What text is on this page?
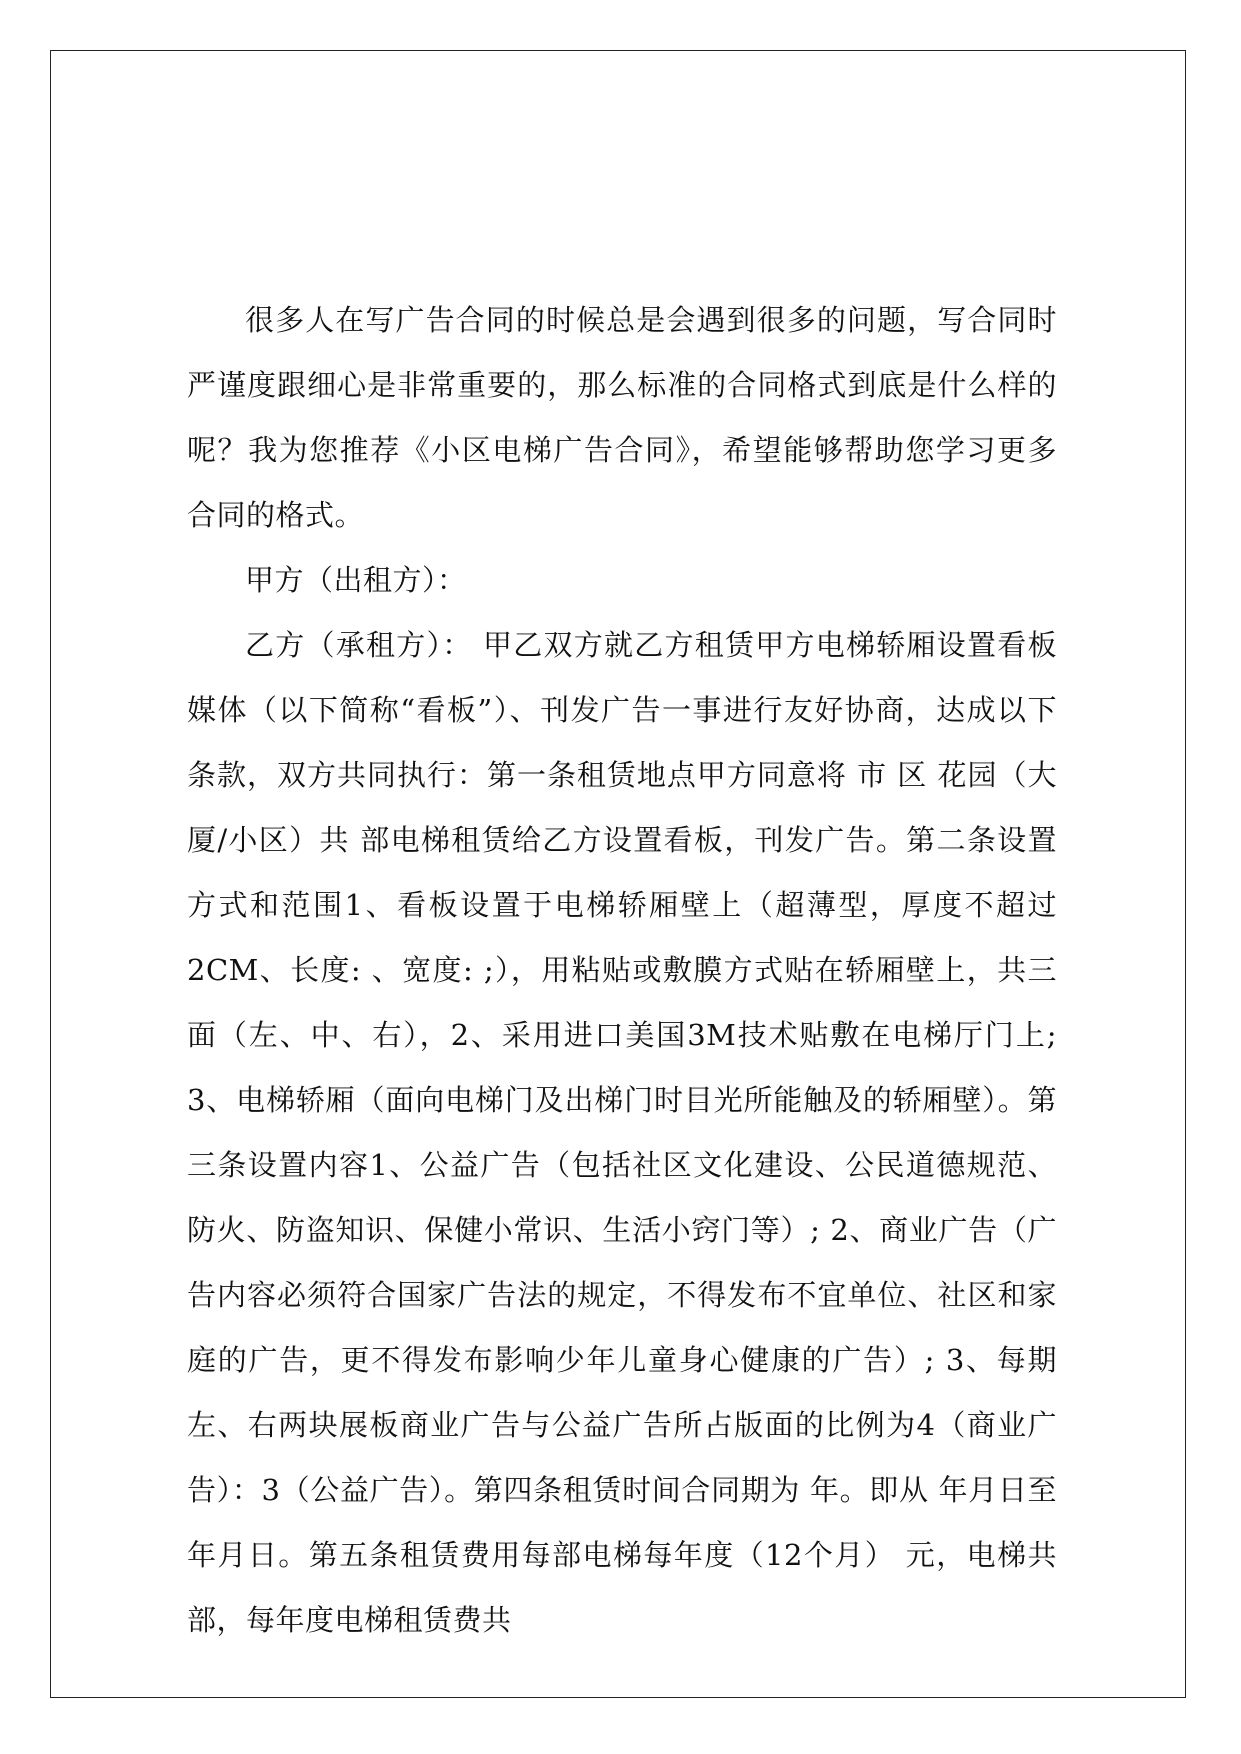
很多人在写广告合同的时候总是会遇到很多的问题，写合同时严谨度跟细心是非常重要的，那么标准的合同格式到底是什么样的呢？我为您推荐《小区电梯广告合同》，希望能够帮助您学习更多合同的格式。

甲方（出租方）：

乙方（承租方）： 甲乙双方就乙方租赁甲方电梯轿厢设置看板媒体（以下简称“看板”）、刊发广告一事进行友好协商，达成以下条款，双方共同执行：第一条租赁地点甲方同意将 市 区 花园（大厦/小区）共 部电梯租赁给乙方设置看板，刊发广告。第二条设置方式和范围1、看板设置于电梯轿厢壁上（超薄型，厚度不超过2CM、长度: 、宽度: ;），用粘贴或敷膜方式贴在轿厢壁上，共三面（左、中、右），2、采用进口美国3M技术贴敷在电梯厅门上; 3、电梯轿厢（面向电梯门及出梯门时目光所能触及的轿厢壁）。第三条设置内容1、公益广告（包括社区文化建设、公民道德规范、防火、防盗知识、保健小常识、生活小窍门等）; 2、商业广告（广告内容必须符合国家广告法的规定，不得发布不宜单位、社区和家庭的广告，更不得发布影响少年儿童身心健康的广告）; 3、每期左、右两块展板商业广告与公益广告所占版面的比例为4（商业广告）：3（公益广告）。第四条租赁时间合同期为 年。即从 年月日至 年月日。第五条租赁费用每部电梯每年度（12个月） 元，电梯共部，每年度电梯租赁费共
